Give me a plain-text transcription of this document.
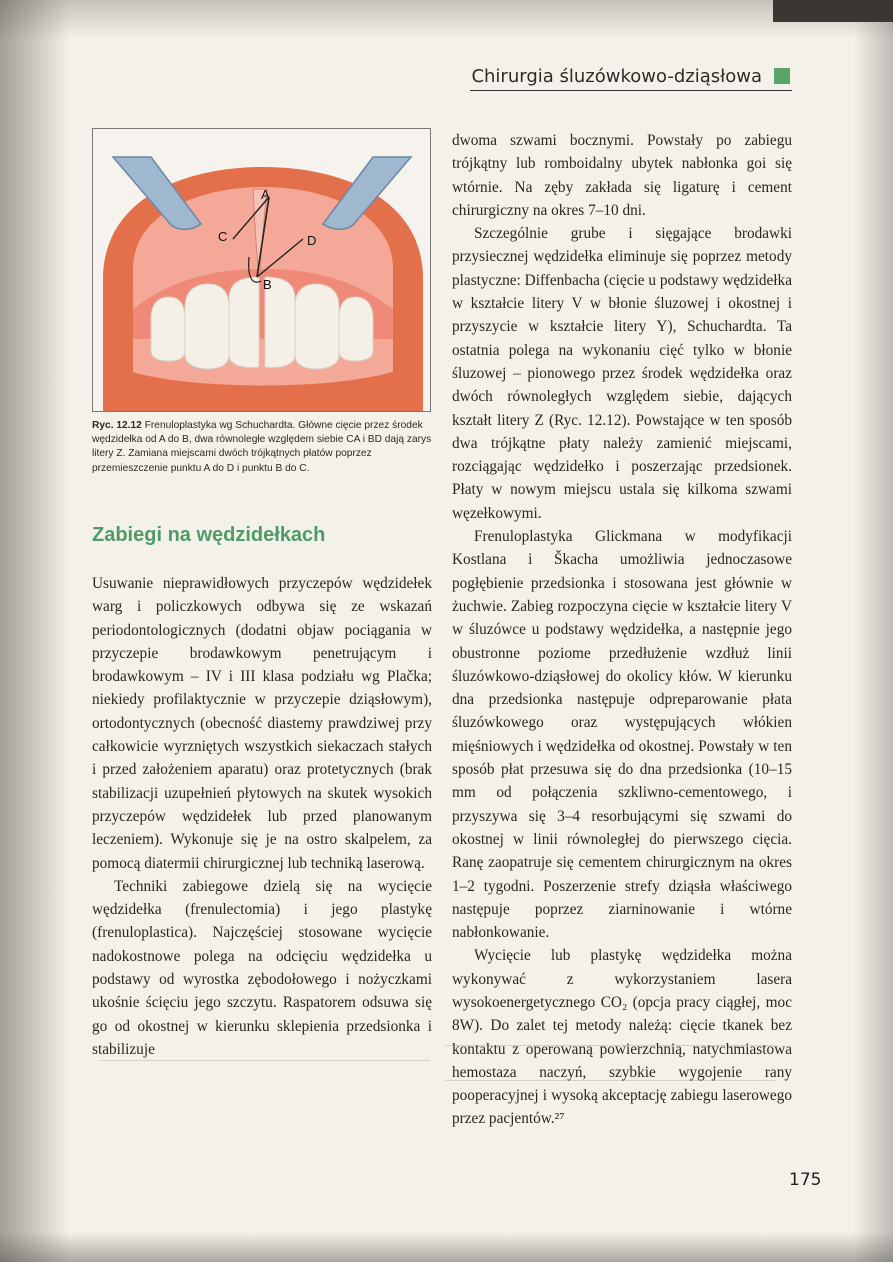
Chirurgia śluzówkowo-dziąsłowa
A
C	D
B
Ryc. 12.12 Frenuloplastyka wg Schuchardta. Główne cięcie przez środek wędzidełka od A do B, dwa równoległe względem siebie CA i BD dają zarys litery Z. Zamiana miejscami dwóch trójkątnych płatów poprzez przemieszczenie punktu A do D i punktu B do C.
Zabiegi na wędzidełkach

Usuwanie nieprawidłowych przyczepów wędzidełek warg i policzkowych odbywa się ze wskazań periodontologicznych (dodatni objaw pociągania w przyczepie brodawkowym penetrującym i brodawkowym – IV i III klasa podziału wg Plačka; niekiedy profilaktycznie w przyczepie dziąsłowym), ortodontycznych (obecność diastemy prawdziwej przy całkowicie wyrzniętych wszystkich siekaczach stałych i przed założeniem aparatu) oraz protetycznych (brak stabilizacji uzupełnień płytowych na skutek wysokich przyczepów wędzidełek lub przed planowanym leczeniem). Wykonuje się je na ostro skalpelem, za pomocą diatermii chirurgicznej lub techniką laserową.

Techniki zabiegowe dzielą się na wycięcie wędzidełka (frenulectomia) i jego plastykę (frenuloplastica). Najczęściej stosowane wycięcie nadokostnowe polega na odcięciu wędzidełka u podstawy od wyrostka zębodołowego i nożyczkami ukośnie ścięciu jego szczytu. Raspatorem odsuwa się go od okostnej w kierunku sklepienia przedsionka i stabilizuje

dwoma szwami bocznymi. Powstały po zabiegu trójkątny lub romboidalny ubytek nabłonka goi się wtórnie. Na zęby zakłada się ligaturę i cement chirurgiczny na okres 7–10 dni.

Szczególnie grube i sięgające brodawki przysiecznej wędzidełka eliminuje się poprzez metody plastyczne: Diffenbacha (cięcie u podstawy wędzidełka w kształcie litery V w błonie śluzowej i okostnej i przyszycie w kształcie litery Y), Schuchardta. Ta ostatnia polega na wykonaniu cięć tylko w błonie śluzowej – pionowego przez środek wędzidełka oraz dwóch równoległych względem siebie, dających kształt litery Z (Ryc. 12.12). Powstające w ten sposób dwa trójkątne płaty należy zamienić miejscami, rozciągając wędzidełko i poszerzając przedsionek. Płaty w nowym miejscu ustala się kilkoma szwami węzełkowymi.

Frenuloplastyka Glickmana w modyfikacji Kostlana i Škacha umożliwia jednoczasowe pogłębienie przedsionka i stosowana jest głównie w żuchwie. Zabieg rozpoczyna cięcie w kształcie litery V w śluzówce u podstawy wędzidełka, a następnie jego obustronne poziome przedłużenie wzdłuż linii śluzówkowo-dziąsłowej do okolicy kłów. W kierunku dna przedsionka następuje odpreparowanie płata śluzówkowego oraz występujących włókien mięśniowych i wędzidełka od okostnej. Powstały w ten sposób płat przesuwa się do dna przedsionka (10–15 mm od połączenia szkliwno-cementowego, i przyszywa się 3–4 resorbującymi się szwami do okostnej w linii równoległej do pierwszego cięcia. Ranę zaopatruje się cementem chirurgicznym na okres 1–2 tygodni. Poszerzenie strefy dziąsła właściwego następuje poprzez ziarninowanie i wtórne nabłonkowanie.

Wycięcie lub plastykę wędzidełka można wykonywać z wykorzystaniem lasera wysokoenergetycznego CO₂ (opcja pracy ciągłej, moc 8W). Do zalet tej metody należą: cięcie tkanek bez kontaktu z operowaną powierzchnią, natychmiastowa hemostaza naczyń, szybkie wygojenie rany pooperacyjnej i wysoką akceptację zabiegu laserowego przez pacjentów.²⁷

175
